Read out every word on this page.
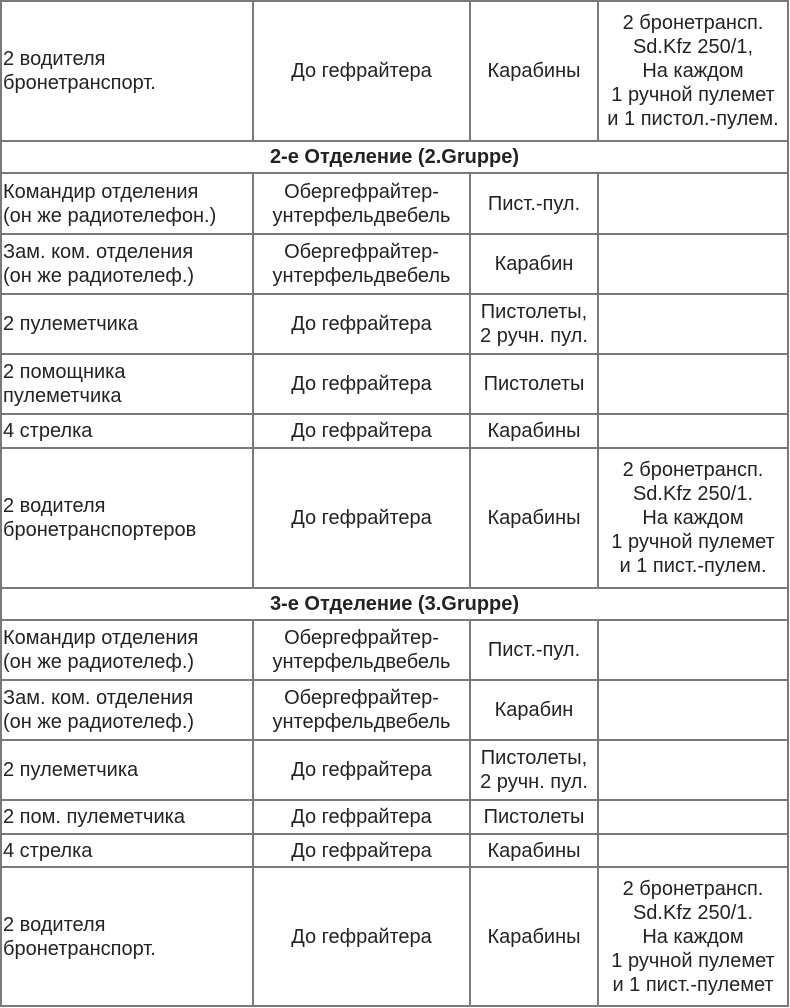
2 водителя
бронетранспорт.	До гефрайтера	Карабины	2 бронетрансп.
Sd.Kfz 250/1,
На каждом
1 ручной пулемет
и 1 пистол.-пулем.

2-е Отделение (2.Gruppe)			

Командир отделения
(он же радиотелефон.)	Обергефрайтер-
унтерфельдвебель	Пист.-пул.	

Зам. ком. отделения
(он же радиотелеф.)	Обергефрайтер-
унтерфельдвебель	Карабин	

2 пулеметчика	До гефрайтера	Пистолеты,
2 ручн. пул.	

2 помощника
пулеметчика	До гефрайтера	Пистолеты	

4 стрелка	До гефрайтера	Карабины	

2 водителя
бронетранспортеров	До гефрайтера	Карабины	2 бронетрансп.
Sd.Kfz 250/1.
На каждом
1 ручной пулемет
и 1 пист.-пулем.

3-е Отделение (3.Gruppe)			

Командир отделения
(он же радиотелеф.)	Обергефрайтер-
унтерфельдвебель	Пист.-пул.	

Зам. ком. отделения
(он же радиотелеф.)	Обергефрайтер-
унтерфельдвебель	Карабин	

2 пулеметчика	До гефрайтера	Пистолеты,
2 ручн. пул.	

2 пом. пулеметчика	До гефрайтера	Пистолеты	

4 стрелка	До гефрайтера	Карабины	

2 водителя
бронетранспорт.	До гефрайтера	Карабины	2 бронетрансп.
Sd.Kfz 250/1.
На каждом
1 ручной пулемет
и 1 пист.-пулемет
